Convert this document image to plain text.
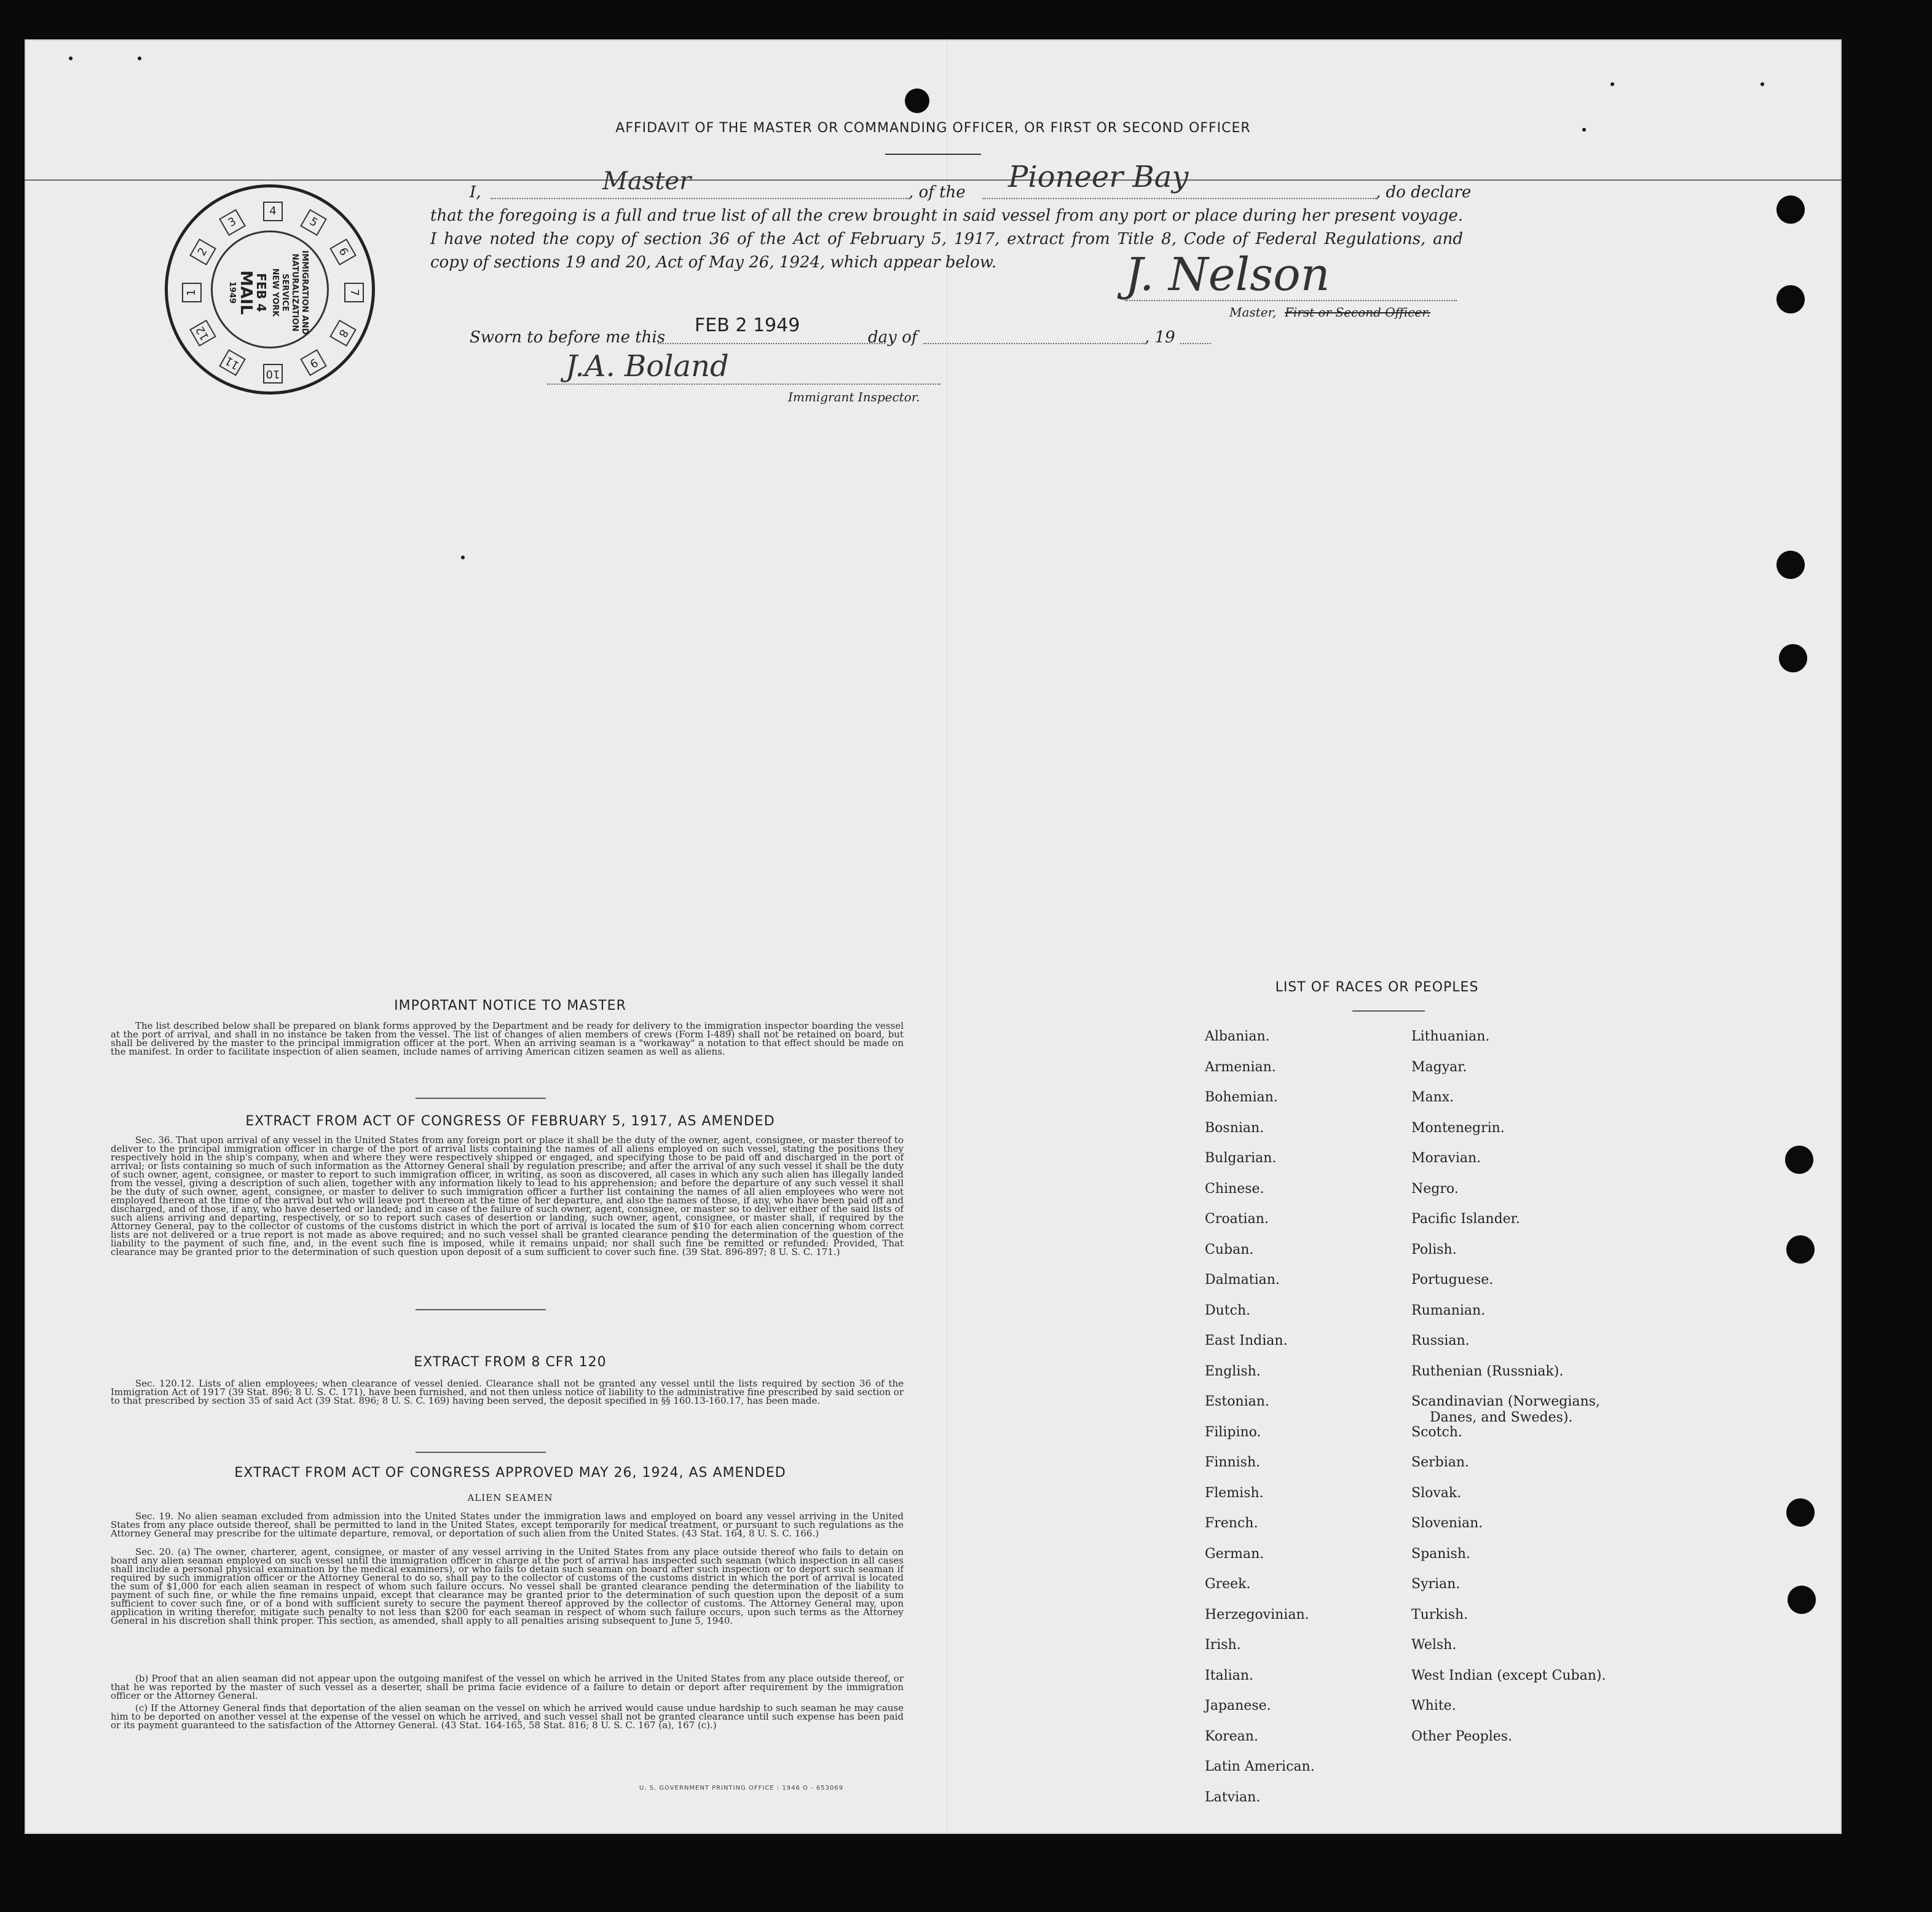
AFFIDAVIT OF THE MASTER OR COMMANDING OFFICER, OR FIRST OR SECOND OFFICER
I,	Master	, of the Pioneer Bay	, do declare
that the foregoing is a full and true list of all the crew brought in said vessel from any port or place during her present voyage.
I have noted the copy of section 36 of the Act of February 5, 1917, extract from Title 8, Code of Federal Regulations, and
copy of sections 19 and 20, Act of May 26, 1924, which appear below.	J. Nelson
Master, First or Second Officer.
Sworn to before me this
FEB 2 1949
day of	, 19
J.A. Boland
Immigrant Inspector.
IMPORTANT NOTICE TO MASTER
The list described below shall be prepared on blank forms approved by the Department and be ready for delivery to the immigration inspector boarding the vessel at the port of arrival, and shall in no instance be taken from the vessel. The list of changes of alien members of crews (Form I-489) shall not be retained on board, but shall be delivered by the master to the principal immigration officer at the port. When an arriving seaman is a "workaway" a notation to that effect should be made on the manifest. In order to facilitate inspection of alien seamen, include names of arriving American citizen seamen as well as aliens.
EXTRACT FROM ACT OF CONGRESS OF FEBRUARY 5, 1917, AS AMENDED
Sec. 36. That upon arrival of any vessel in the United States from any foreign port or place it shall be the duty of the owner, agent, consignee, or master thereof to deliver to the principal immigration officer in charge of the port of arrival lists containing the names of all aliens employed on such vessel, stating the positions they respectively hold in the ship's company, when and where they were respectively shipped or engaged, and specifying those to be paid off and discharged in the port of arrival; or lists containing so much of such information as the Attorney General shall by regulation prescribe; and after the arrival of any such vessel it shall be the duty of such owner, agent, consignee, or master to report to such immigration officer, in writing, as soon as discovered, all cases in which any such alien has illegally landed from the vessel, giving a description of such alien, together with any information likely to lead to his apprehension; and before the departure of any such vessel it shall be the duty of such owner, agent, consignee, or master to deliver to such immigration officer a further list containing the names of all alien employees who were not employed thereon at the time of the arrival but who will leave port thereon at the time of her departure, and also the names of those, if any, who have been paid off and discharged, and of those, if any, who have deserted or landed; and in case of the failure of such owner, agent, consignee, or master so to deliver either of the said lists of such aliens arriving and departing, respectively, or so to report such cases of desertion or landing, such owner, agent, consignee, or master shall, if required by the Attorney General, pay to the collector of customs of the customs district in which the port of arrival is located the sum of $10 for each alien concerning whom correct lists are not delivered or a true report is not made as above required; and no such vessel shall be granted clearance pending the determination of the question of the liability to the payment of such fine, and, in the event such fine is imposed, while it remains unpaid; nor shall such fine be remitted or refunded: Provided, That clearance may be granted prior to the determination of such question upon deposit of a sum sufficient to cover such fine. (39 Stat. 896-897; 8 U. S. C. 171.)
EXTRACT FROM 8 CFR 120
Sec. 120.12. Lists of alien employees; when clearance of vessel denied. Clearance shall not be granted any vessel until the lists required by section 36 of the Immigration Act of 1917 (39 Stat. 896; 8 U. S. C. 171), have been furnished, and not then unless notice of liability to the administrative fine prescribed by said section or to that prescribed by section 35 of said Act (39 Stat. 896; 8 U. S. C. 169) having been served, the deposit specified in §§ 160.13-160.17, has been made.
EXTRACT FROM ACT OF CONGRESS APPROVED MAY 26, 1924, AS AMENDED
ALIEN SEAMEN
Sec. 19. No alien seaman excluded from admission into the United States under the immigration laws and employed on board any vessel arriving in the United States from any place outside thereof, shall be permitted to land in the United States, except temporarily for medical treatment, or pursuant to such regulations as the Attorney General may prescribe for the ultimate departure, removal, or deportation of such alien from the United States. (43 Stat. 164, 8 U. S. C. 166.)
Sec. 20. (a) The owner, charterer, agent, consignee, or master of any vessel arriving in the United States from any place outside thereof who fails to detain on board any alien seaman employed on such vessel until the immigration officer in charge at the port of arrival has inspected such seaman (which inspection in all cases shall include a personal physical examination by the medical examiners), or who fails to detain such seaman on board after such inspection or to deport such seaman if required by such immigration officer or the Attorney General to do so, shall pay to the collector of customs of the customs district in which the port of arrival is located the sum of $1,000 for each alien seaman in respect of whom such failure occurs. No vessel shall be granted clearance pending the determination of the liability to payment of such fine, or while the fine remains unpaid, except that clearance may be granted prior to the determination of such question upon the deposit of a sum sufficient to cover such fine, or of a bond with sufficient surety to secure the payment thereof approved by the collector of customs. The Attorney General may, upon application in writing therefor, mitigate such penalty to not less than $200 for each seaman in respect of whom such failure occurs, upon such terms as the Attorney General in his discretion shall think proper. This section, as amended, shall apply to all penalties arising subsequent to June 5, 1940.
(b) Proof that an alien seaman did not appear upon the outgoing manifest of the vessel on which he arrived in the United States from any place outside thereof, or that he was reported by the master of such vessel as a deserter, shall be prima facie evidence of a failure to detain or deport after requirement by the immigration officer or the Attorney General.
(c) If the Attorney General finds that deportation of the alien seaman on the vessel on which he arrived would cause undue hardship to such seaman he may cause him to be deported on another vessel at the expense of the vessel on which he arrived, and such vessel shall not be granted clearance until such expense has been paid or its payment guaranteed to the satisfaction of the Attorney General. (43 Stat. 164-165, 58 Stat. 816; 8 U. S. C. 167 (a), 167 (c).)
U. S. GOVERNMENT PRINTING OFFICE : 1946 O - 653069
LIST OF RACES OR PEOPLES
Albanian.
Armenian.
Bohemian.
Bosnian.
Bulgarian.
Chinese.
Croatian.
Cuban.
Dalmatian.
Dutch.
East Indian.
English.
Estonian.
Filipino.
Finnish.
Flemish.
French.
German.
Greek.
Herzegovinian.
Irish.
Italian.
Japanese.
Korean.
Latin American.
Latvian.
Lithuanian.
Magyar.
Manx.
Montenegrin.
Moravian.
Negro.
Pacific Islander.
Polish.
Portuguese.
Rumanian.
Russian.
Ruthenian (Russniak).
Scandinavian (Norwegians,
Danes, and Swedes).
Scotch.
Serbian.
Slovak.
Slovenian.
Spanish.
Syrian.
Turkish.
Welsh.
West Indian (except Cuban).
White.
Other Peoples.
1
2
3
4
5
6
7
8
9
10
11
12	IMMIGRATION AND
NATURALIZATION
SERVICE
NEW YORK
FEB 4
MAIL
1949
